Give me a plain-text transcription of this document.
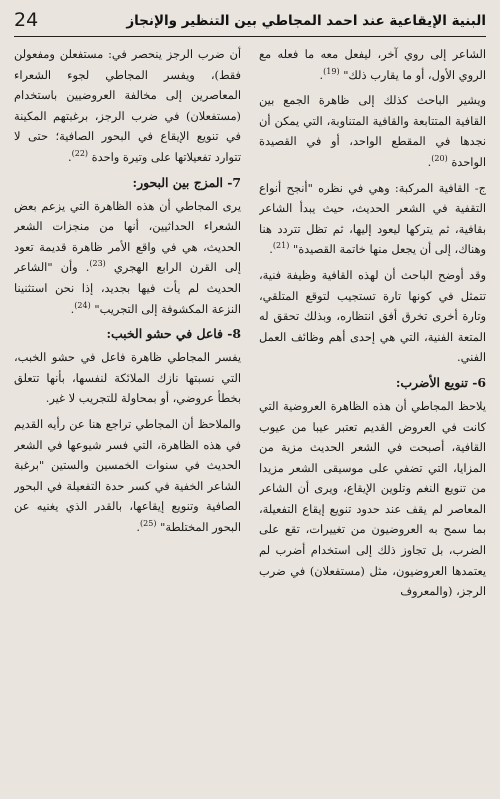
24	البنية الإيقاعية عند احمد المجاطي بين التنظير والإنجاز

الشاعر إلى روي آخر، ليفعل معه ما فعله مع الروي الأول، أو ما يقارب ذلك" $^{(19)}$.

ويشير الباحث كذلك إلى ظاهرة الجمع بين القافية المتتابعة والقافية المتناوبة، التي يمكن أن نجدها في المقطع الواحد، أو في القصيدة الواحدة $^{(20)}$.

ج- القافية المركبة: وهي في نظره "أنجح أنواع التقفية في الشعر الحديث، حيث يبدأ الشاعر بقافية، ثم يتركها ليعود إليها، ثم تظل تتردد هنا وهناك، إلى أن يجعل منها خاتمة القصيدة" $^{(21)}$.

وقد أوضح الباحث أن لهذه القافية وظيفة فنية، تتمثل في كونها تارة تستجيب لتوقع المتلقي، وتارة أخرى تخرق أفق انتظاره، وبذلك تحقق له المتعة الفنية، التي هي إحدى أهم وظائف العمل الفني.

6- تنويع الأضرب:

يلاحظ المجاطي أن هذه الظاهرة العروضية التي كانت في العروض القديم تعتبر عيبا من عيوب القافية، أصبحت في الشعر الحديث مزية من المزايا، التي تضفي على موسيقى الشعر مزيدا من تنويع النغم وتلوين الإيقاع، ويرى أن الشاعر المعاصر لم يقف عند حدود تنويع إيقاع التفعيلة، بما سمح به العروضيون من تغييرات، تقع على الضرب، بل تجاوز ذلك إلى استخدام أضرب لم يعتمدها العروضيون، مثل (مستفعلان) في ضرب الرجز، (والمعروف

أن ضرب الرجز ينحصر في: مستفعلن ومفعولن فقط)، ويفسر المجاطي لجوء الشعراء المعاصرين إلى مخالفة العروضيين باستخدام (مستفعلان) في ضرب الرجز، برغبتهم المكينة في تنويع الإيقاع في البحور الصافية؛ حتى لا تتوارد تفعيلاتها على وتيرة واحدة $^{(22)}$.

7- المزج بين البحور:

يرى المجاطي أن هذه الظاهرة التي يزعم بعض الشعراء الحداثيين، أنها من منجزات الشعر الحديث، هي في واقع الأمر ظاهرة قديمة تعود إلى القرن الرابع الهجري $^{(23)}$. وأن "الشاعر الحديث لم يأت فيها بجديد، إذا نحن استثنينا النزعة المكشوفة إلى التجريب" $^{(24)}$.

8- فاعل في حشو الخبب:

يفسر المجاطي ظاهرة فاعل في حشو الخبب، التي نسبتها نازك الملائكة لنفسها، بأنها تتعلق بخطأ عروضي، أو بمحاولة للتجريب لا غير.

والملاحظ أن المجاطي تراجع هنا عن رأيه القديم في هذه الظاهرة، التي فسر شيوعها في الشعر الحديث في سنوات الخمسين والستين "برغبة الشاعر الخفية في كسر حدة التفعيلة في البحور الصافية وتنويع إيقاعها، بالقدر الذي يغنيه عن البحور المختلطة" $^{(25)}$.
